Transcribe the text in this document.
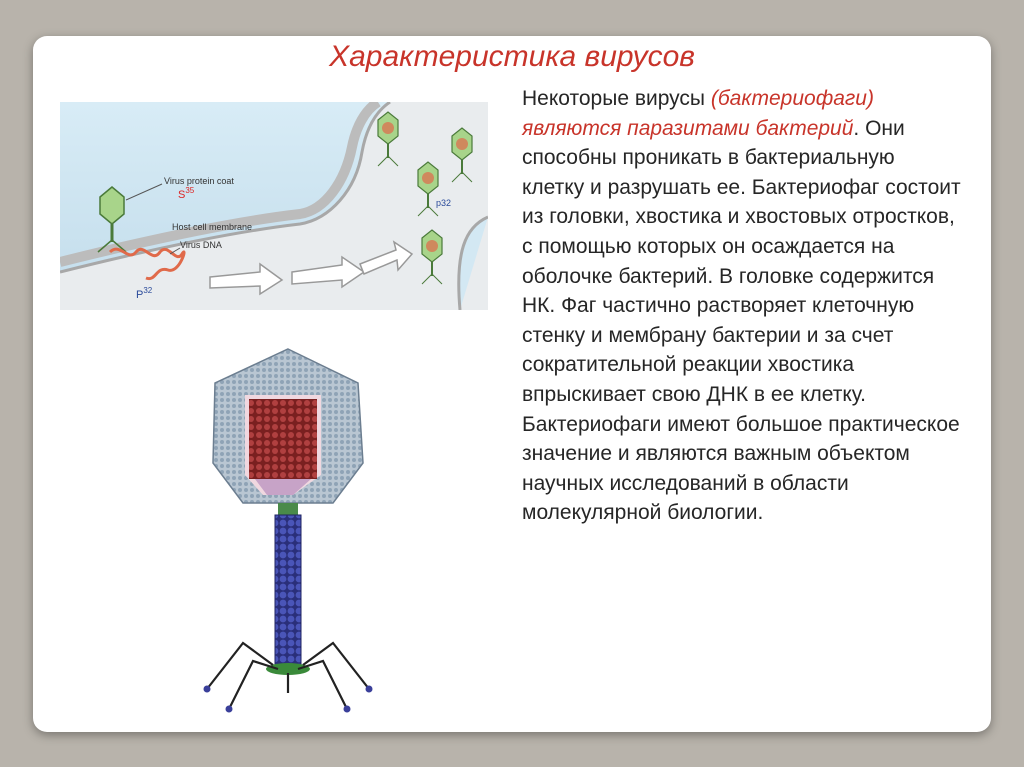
Характеристика вирусов
Virus protein coat
$S^{35}$
Host cell membrane
Virus DNA
$P^{32}$
p32
Некоторые вирусы (бактериофаги) являются паразитами бактерий. Они способны проникать в бактериальную клетку и разрушать ее. Бактериофаг состоит из головки, хвостика и хвостовых отростков, с помощью которых он осаждается на оболочке бактерий. В головке содержится НК. Фаг частично растворяет клеточную стенку и мембрану бактерии и за счет сократительной реакции хвостика впрыскивает свою ДНК в ее клетку.
Бактериофаги имеют большое практическое значение и являются важным объектом научных исследований в области молекулярной биологии.
